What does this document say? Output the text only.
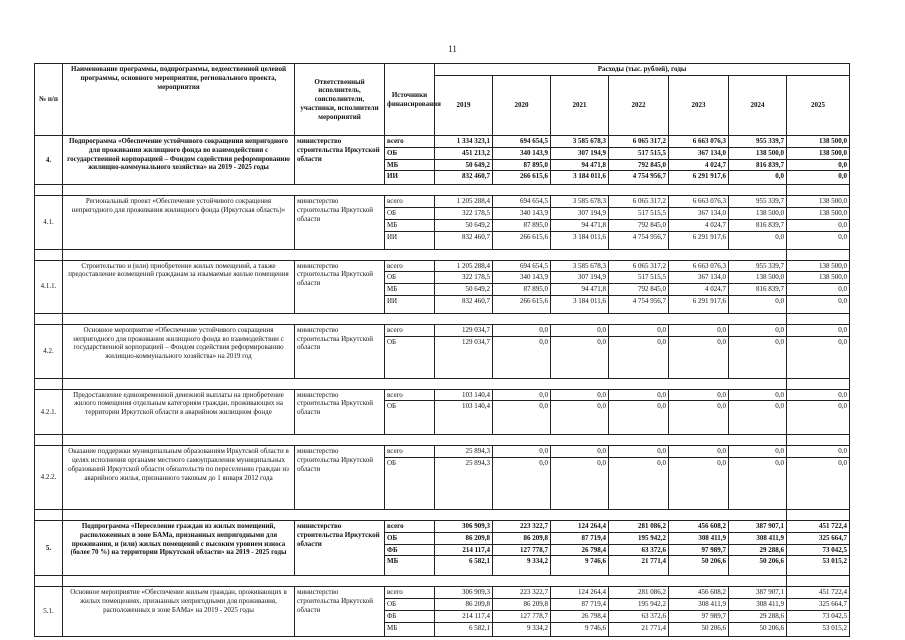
11
№ п/п	Наименование программы, подпрограммы, ведомственной целевой программы, основного мероприятия, регионального проекта, мероприятия	Ответственный исполнитель, соисполнители, участники, исполнители мероприятий	Источники финансирования	Расходы (тыс. рублей), годы						
				2019	2020	2021	2022	2023	2024	2025
4.	Подпрограмма «Обеспечение устойчивого сокращения непригодного для проживания жилищного фонда во взаимодействии с государственной корпорацией – Фондом содействия реформированию жилищно-коммунального хозяйства» на 2019 - 2025 годы	министерство строительства Иркутской области	всего	1 334 323,1	694 654,5	3 585 678,3	6 065 317,2	6 663 076,3	955 339,7	138 500,0
			ОБ	451 213,2	340 143,9	307 194,9	517 515,5	367 134,0	138 500,0	138 500,0
			МБ	50 649,2	87 895,0	94 471,8	792 845,0	4 024,7	816 839,7	0,0
			ИИ	832 460,7	266 615,6	3 184 011,6	4 754 956,7	6 291 917,6	0,0	0,0

4.1.	Региональный проект «Обеспечение устойчивого сокращения непригодного для проживания жилищного фонда (Иркутская область)»	министерство строительства Иркутской области	всего	1 205 288,4	694 654,5	3 585 678,3	6 065 317,2	6 663 076,3	955 339,7	138 500,0
			ОБ	322 178,5	340 143,9	307 194,9	517 515,5	367 134,0	138 500,0	138 500,0
			МБ	50 649,2	87 895,0	94 471,8	792 845,0	4 024,7	816 839,7	0,0
			ИИ	832 460,7	266 615,6	3 184 011,6	4 754 956,7	6 291 917,6	0,0	0,0

4.1.1.	Строительство и (или) приобретение жилых помещений, а также предоставление возмещений гражданам за изымаемые жилые помещения	министерство строительства Иркутской области	всего	1 205 288,4	694 654,5	3 585 678,3	6 065 317,2	6 663 076,3	955 339,7	138 500,0
			ОБ	322 178,5	340 143,9	307 194,9	517 515,5	367 134,0	138 500,0	138 500,0
			МБ	50 649,2	87 895,0	94 471,8	792 845,0	4 024,7	816 839,7	0,0
			ИИ	832 460,7	266 615,6	3 184 011,6	4 754 956,7	6 291 917,6	0,0	0,0

4.2.	Основное мероприятие «Обеспечение устойчивого сокращения непригодного для проживания жилищного фонда во взаимодействии с государственной корпорацией – Фондом содействия реформированию жилищно-коммунального хозяйства» на 2019 год	министерство строительства Иркутской области	всего	129 034,7	0,0	0,0	0,0	0,0	0,0	0,0
			ОБ	129 034,7	0,0	0,0	0,0	0,0	0,0	0,0

4.2.1.	Предоставление единовременной денежной выплаты на приобретение жилого помещения отдельным категориям граждан, проживающих на территории Иркутской области в аварийном жилищном фонде	министерство строительства Иркутской области	всего	103 140,4	0,0	0,0	0,0	0,0	0,0	0,0
			ОБ	103 140,4	0,0	0,0	0,0	0,0	0,0	0,0

4.2.2.	Оказание поддержки муниципальным образованиям Иркутской области в целях исполнения органами местного самоуправления муниципальных образований Иркутской области обязательств по переселению граждан из аварийного жилья, признанного таковым до 1 января 2012 года	министерство строительства Иркутской области	всего	25 894,3	0,0	0,0	0,0	0,0	0,0	0,0
			ОБ	25 894,3	0,0	0,0	0,0	0,0	0,0	0,0

5.	Подпрограмма «Переселение граждан из жилых помещений, расположенных в зоне БАМа, признанных непригодными для проживания, и (или) жилых помещений с высоким уровнем износа (более 70 %) на территории Иркутской области» на 2019 - 2025 годы	министерство строительства Иркутской области	всего	306 909,3	223 322,7	124 264,4	281 086,2	456 608,2	387 907,1	451 722,4
			ОБ	86 209,8	86 209,8	87 719,4	195 942,2	308 411,9	308 411,9	325 664,7
			ФБ	214 117,4	127 778,7	26 798,4	63 372,6	97 989,7	29 288,6	73 042,5
			МБ	6 582,1	9 334,2	9 746,6	21 771,4	50 206,6	50 206,6	53 015,2

5.1.	Основное мероприятие «Обеспечение жильем граждан, проживающих в жилых помещениях, признанных непригодными для проживания, расположенных в зоне БАМа» на 2019 - 2025 годы	министерство строительства Иркутской области	всего	306 909,3	223 322,7	124 264,4	281 086,2	456 608,2	387 907,1	451 722,4
			ОБ	86 209,8	86 209,8	87 719,4	195 942,2	308 411,9	308 411,9	325 664,7
			ФБ	214 117,4	127 778,7	26 798,4	63 372,6	97 989,7	29 288,6	73 042,5
			МБ	6 582,1	9 334,2	9 746,6	21 771,4	50 206,6	50 206,6	53 015,2
